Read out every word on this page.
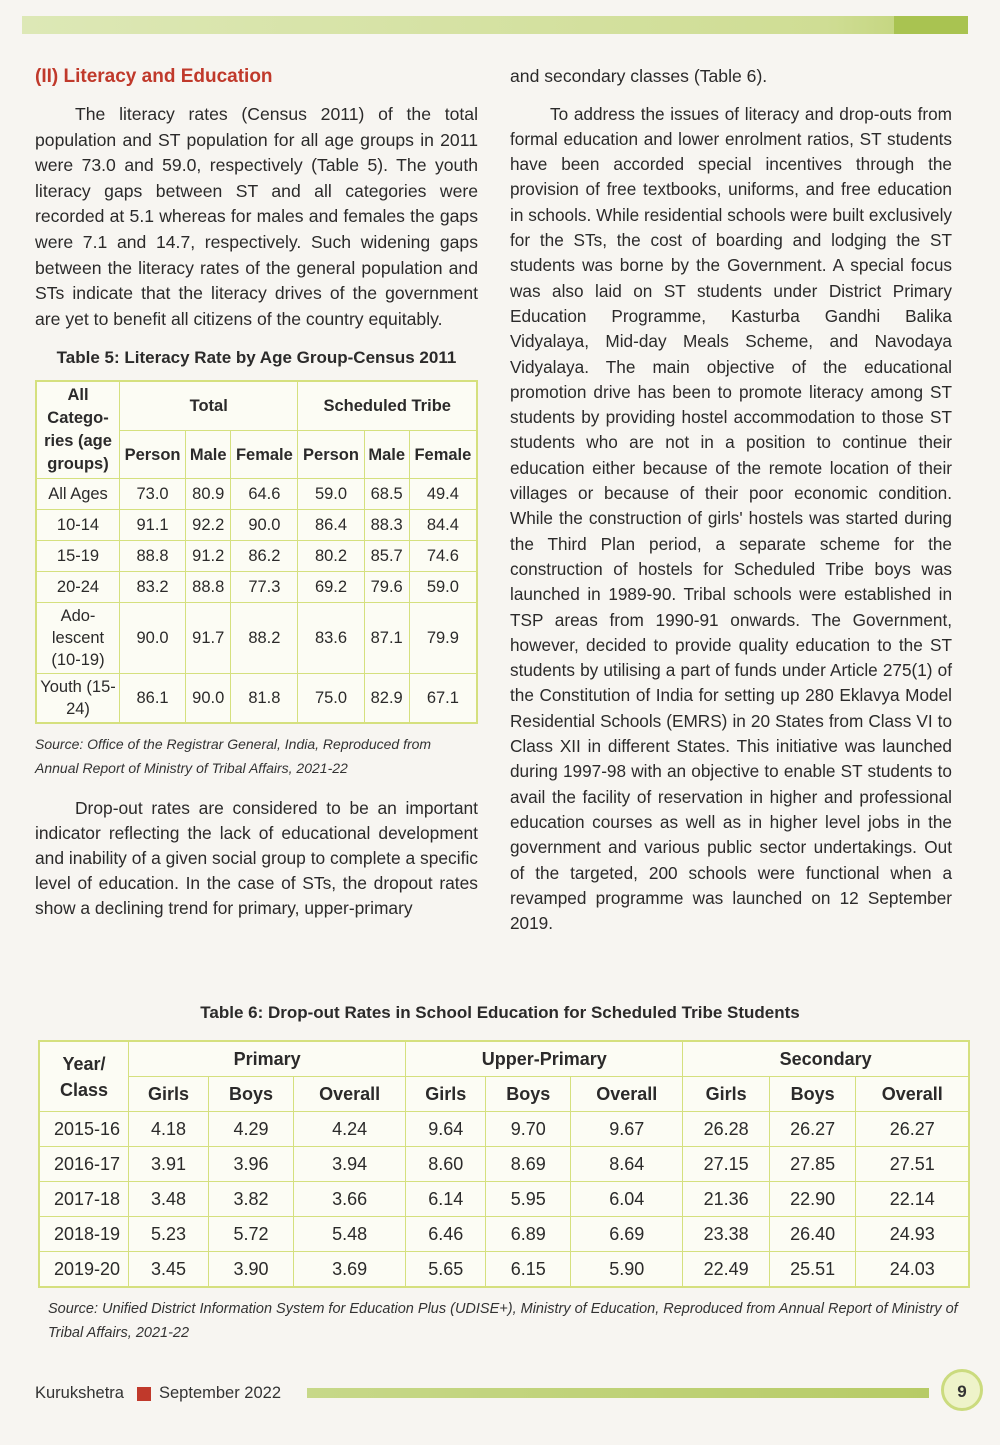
(II) Literacy and Education

The literacy rates (Census 2011) of the total population and ST population for all age groups in 2011 were 73.0 and 59.0, respectively (Table 5). The youth literacy gaps between ST and all categories were recorded at 5.1 whereas for males and females the gaps were 7.1 and 14.7, respectively. Such widening gaps between the literacy rates of the general population and STs indicate that the literacy drives of the government are yet to benefit all citizens of the country equitably.

Table 5: Literacy Rate by Age Group-Census 2011
All Catego-ries (age groups)	Total			Scheduled Tribe		
	Person	Male	Female	Person	Male	Female
All Ages	73.0	80.9	64.6	59.0	68.5	49.4
10-14	91.1	92.2	90.0	86.4	88.3	84.4
15-19	88.8	91.2	86.2	80.2	85.7	74.6
20-24	83.2	88.8	77.3	69.2	79.6	59.0
Ado-lescent (10-19)	90.0	91.7	88.2	83.6	87.1	79.9
Youth (15-24)	86.1	90.0	81.8	75.0	82.9	67.1
Source: Office of the Registrar General, India, Reproduced from Annual Report of Ministry of Tribal Affairs, 2021-22

Drop-out rates are considered to be an important indicator reflecting the lack of educational development and inability of a given social group to complete a specific level of education. In the case of STs, the dropout rates show a declining trend for primary, upper-primary

and secondary classes (Table 6).

To address the issues of literacy and drop-outs from formal education and lower enrolment ratios, ST students have been accorded special incentives through the provision of free textbooks, uniforms, and free education in schools. While residential schools were built exclusively for the STs, the cost of boarding and lodging the ST students was borne by the Government. A special focus was also laid on ST students under District Primary Education Programme, Kasturba Gandhi Balika Vidyalaya, Mid-day Meals Scheme, and Navodaya Vidyalaya. The main objective of the educational promotion drive has been to promote literacy among ST students by providing hostel accommodation to those ST students who are not in a position to continue their education either because of the remote location of their villages or because of their poor economic condition. While the construction of girls' hostels was started during the Third Plan period, a separate scheme for the construction of hostels for Scheduled Tribe boys was launched in 1989-90. Tribal schools were established in TSP areas from 1990-91 onwards. The Government, however, decided to provide quality education to the ST students by utilising a part of funds under Article 275(1) of the Constitution of India for setting up 280 Eklavya Model Residential Schools (EMRS) in 20 States from Class VI to Class XII in different States. This initiative was launched during 1997-98 with an objective to enable ST students to avail the facility of reservation in higher and professional education courses as well as in higher level jobs in the government and various public sector undertakings. Out of the targeted, 200 schools were functional when a revamped programme was launched on 12 September 2019.

Table 6: Drop-out Rates in School Education for Scheduled Tribe Students
Year/ Class	Primary			Upper-Primary			Secondary		
	Girls	Boys	Overall	Girls	Boys	Overall	Girls	Boys	Overall
2015-16	4.18	4.29	4.24	9.64	9.70	9.67	26.28	26.27	26.27
2016-17	3.91	3.96	3.94	8.60	8.69	8.64	27.15	27.85	27.51
2017-18	3.48	3.82	3.66	6.14	5.95	6.04	21.36	22.90	22.14
2018-19	5.23	5.72	5.48	6.46	6.89	6.69	23.38	26.40	24.93
2019-20	3.45	3.90	3.69	5.65	6.15	5.90	22.49	25.51	24.03
Source: Unified District Information System for Education Plus (UDISE+), Ministry of Education, Reproduced from Annual Report of Ministry of Tribal Affairs, 2021-22
Kurukshetra September 2022	9
